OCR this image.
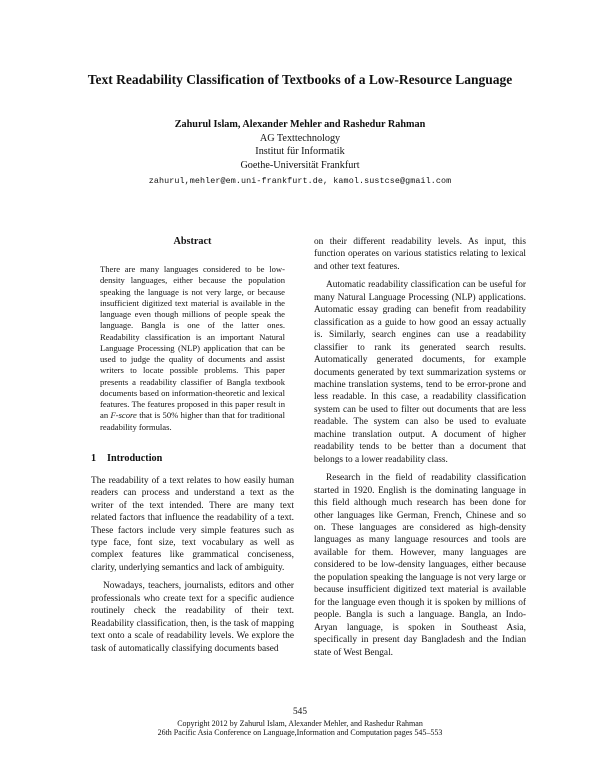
Text Readability Classification of Textbooks of a Low-Resource Language
Zahurul Islam, Alexander Mehler and Rashedur Rahman
AG Texttechnology
Institut für Informatik
Goethe-Universität Frankfurt
zahurul,mehler@em.uni-frankfurt.de, kamol.sustcse@gmail.com
Abstract
There are many languages considered to be low-density languages, either because the population speaking the language is not very large, or because insufficient digitized text material is available in the language even though millions of people speak the language. Bangla is one of the latter ones. Readability classification is an important Natural Language Processing (NLP) application that can be used to judge the quality of documents and assist writers to locate possible problems. This paper presents a readability classifier of Bangla textbook documents based on information-theoretic and lexical features. The features proposed in this paper result in an F-score that is 50% higher than that for traditional readability formulas.
1 Introduction

The readability of a text relates to how easily human readers can process and understand a text as the writer of the text intended. There are many text related factors that influence the readability of a text. These factors include very simple features such as type face, font size, text vocabulary as well as complex features like grammatical conciseness, clarity, underlying semantics and lack of ambiguity.

Nowadays, teachers, journalists, editors and other professionals who create text for a specific audience routinely check the readability of their text. Readability classification, then, is the task of mapping text onto a scale of readability levels. We explore the task of automatically classifying documents based

on their different readability levels. As input, this function operates on various statistics relating to lexical and other text features.

Automatic readability classification can be useful for many Natural Language Processing (NLP) applications. Automatic essay grading can benefit from readability classification as a guide to how good an essay actually is. Similarly, search engines can use a readability classifier to rank its generated search results. Automatically generated documents, for example documents generated by text summarization systems or machine translation systems, tend to be error-prone and less readable. In this case, a readability classification system can be used to filter out documents that are less readable. The system can also be used to evaluate machine translation output. A document of higher readability tends to be better than a document that belongs to a lower readability class.

Research in the field of readability classification started in 1920. English is the dominating language in this field although much research has been done for other languages like German, French, Chinese and so on. These languages are considered as high-density languages as many language resources and tools are available for them. However, many languages are considered to be low-density languages, either because the population speaking the language is not very large or because insufficient digitized text material is available for the language even though it is spoken by millions of people. Bangla is such a language. Bangla, an Indo-Aryan language, is spoken in Southeast Asia, specifically in present day Bangladesh and the Indian state of West Bengal.

545
Copyright 2012 by Zahurul Islam, Alexander Mehler, and Rashedur Rahman
26th Pacific Asia Conference on Language,Information and Computation pages 545–553
